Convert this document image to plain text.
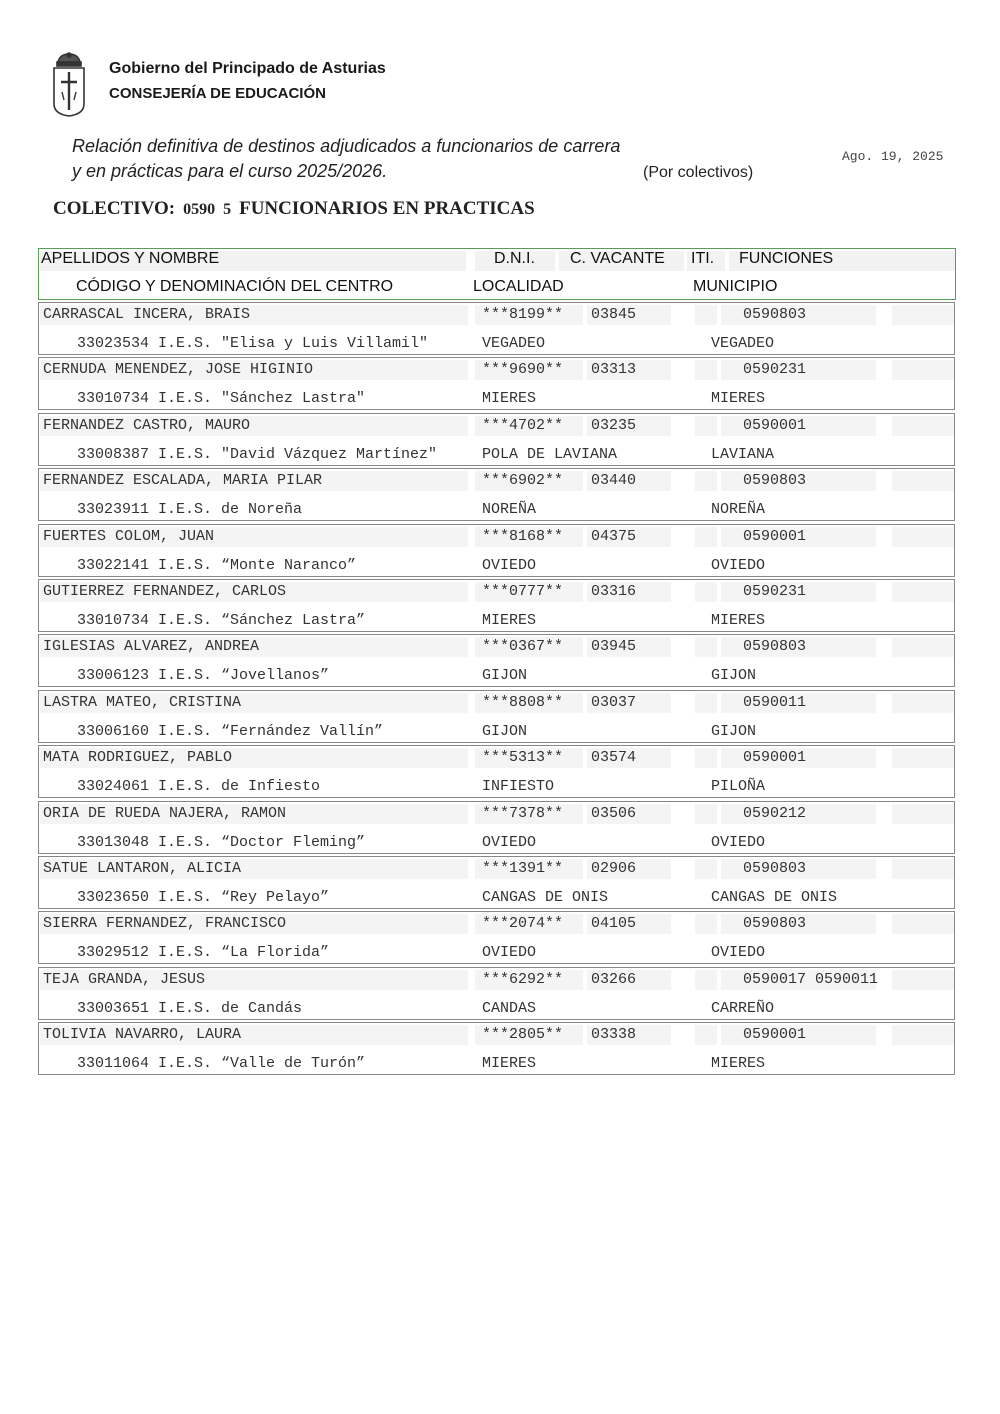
Gobierno del Principado de Asturias
CONSEJERÍA DE EDUCACIÓN
Relación definitiva de destinos adjudicados a funcionarios de carrera
y en prácticas para el curso 2025/2026.	(Por colectivos)
Ago. 19, 2025
COLECTIVO: 0590 5 FUNCIONARIOS EN PRACTICAS
APELLIDOS Y NOMBRE	D.N.I. C. VACANTE ITI. FUNCIONES
CÓDIGO Y DENOMINACIÓN DEL CENTRO	LOCALIDAD	MUNICIPIO
CARRASCAL INCERA, BRAIS	***8199** 03845	0590803
33023534 I.E.S. "Elisa y Luis Villamil"	VEGADEO	VEGADEO
CERNUDA MENENDEZ, JOSE HIGINIO	***9690** 03313	0590231
33010734 I.E.S. "Sánchez Lastra"	MIERES	MIERES
FERNANDEZ CASTRO, MAURO	***4702** 03235	0590001
33008387 I.E.S. "David Vázquez Martínez"	POLA DE LAVIANA	LAVIANA
FERNANDEZ ESCALADA, MARIA PILAR	***6902** 03440	0590803
33023911 I.E.S. de Noreña	NOREÑA	NOREÑA
FUERTES COLOM, JUAN	***8168** 04375	0590001
33022141 I.E.S. “Monte Naranco”	OVIEDO	OVIEDO
GUTIERREZ FERNANDEZ, CARLOS	***0777** 03316	0590231
33010734 I.E.S. “Sánchez Lastra”	MIERES	MIERES
IGLESIAS ALVAREZ, ANDREA	***0367** 03945	0590803
33006123 I.E.S. “Jovellanos”	GIJON	GIJON
LASTRA MATEO, CRISTINA	***8808** 03037	0590011
33006160 I.E.S. “Fernández Vallín”	GIJON	GIJON
MATA RODRIGUEZ, PABLO	***5313** 03574	0590001
33024061 I.E.S. de Infiesto	INFIESTO	PILOÑA
ORIA DE RUEDA NAJERA, RAMON	***7378** 03506	0590212
33013048 I.E.S. “Doctor Fleming”	OVIEDO	OVIEDO
SATUE LANTARON, ALICIA	***1391** 02906	0590803
33023650 I.E.S. “Rey Pelayo”	CANGAS DE ONIS	CANGAS DE ONIS
SIERRA FERNANDEZ, FRANCISCO	***2074** 04105	0590803
33029512 I.E.S. “La Florida”	OVIEDO	OVIEDO
TEJA GRANDA, JESUS	***6292** 03266	0590017 0590011
33003651 I.E.S. de Candás	CANDAS	CARREÑO
TOLIVIA NAVARRO, LAURA	***2805** 03338	0590001
33011064 I.E.S. “Valle de Turón”	MIERES	MIERES
